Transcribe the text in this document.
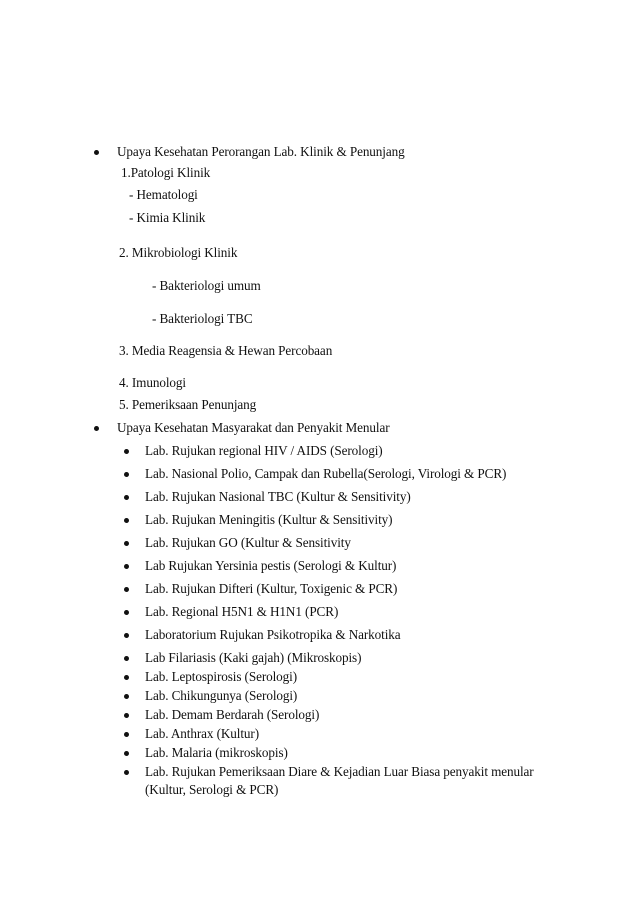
Upaya Kesehatan Perorangan Lab. Klinik & Penunjang
1.Patologi Klinik
- Hematologi
- Kimia Klinik
2. Mikrobiologi Klinik
- Bakteriologi umum
- Bakteriologi TBC
3. Media Reagensia & Hewan Percobaan
4. Imunologi
5. Pemeriksaan Penunjang
Upaya Kesehatan Masyarakat dan Penyakit Menular
Lab. Rujukan regional HIV / AIDS (Serologi)
Lab. Nasional Polio, Campak dan Rubella(Serologi, Virologi & PCR)
Lab. Rujukan Nasional TBC (Kultur & Sensitivity)
Lab. Rujukan Meningitis (Kultur & Sensitivity)
Lab. Rujukan GO (Kultur & Sensitivity
Lab Rujukan Yersinia pestis (Serologi & Kultur)
Lab. Rujukan Difteri (Kultur, Toxigenic & PCR)
Lab. Regional H5N1 & H1N1 (PCR)
Laboratorium Rujukan Psikotropika & Narkotika
Lab Filariasis (Kaki gajah) (Mikroskopis)
Lab. Leptospirosis (Serologi)
Lab. Chikungunya (Serologi)
Lab. Demam Berdarah (Serologi)
Lab. Anthrax (Kultur)
Lab. Malaria (mikroskopis)
Lab. Rujukan Pemeriksaan Diare & Kejadian Luar Biasa penyakit menular
(Kultur, Serologi & PCR)
